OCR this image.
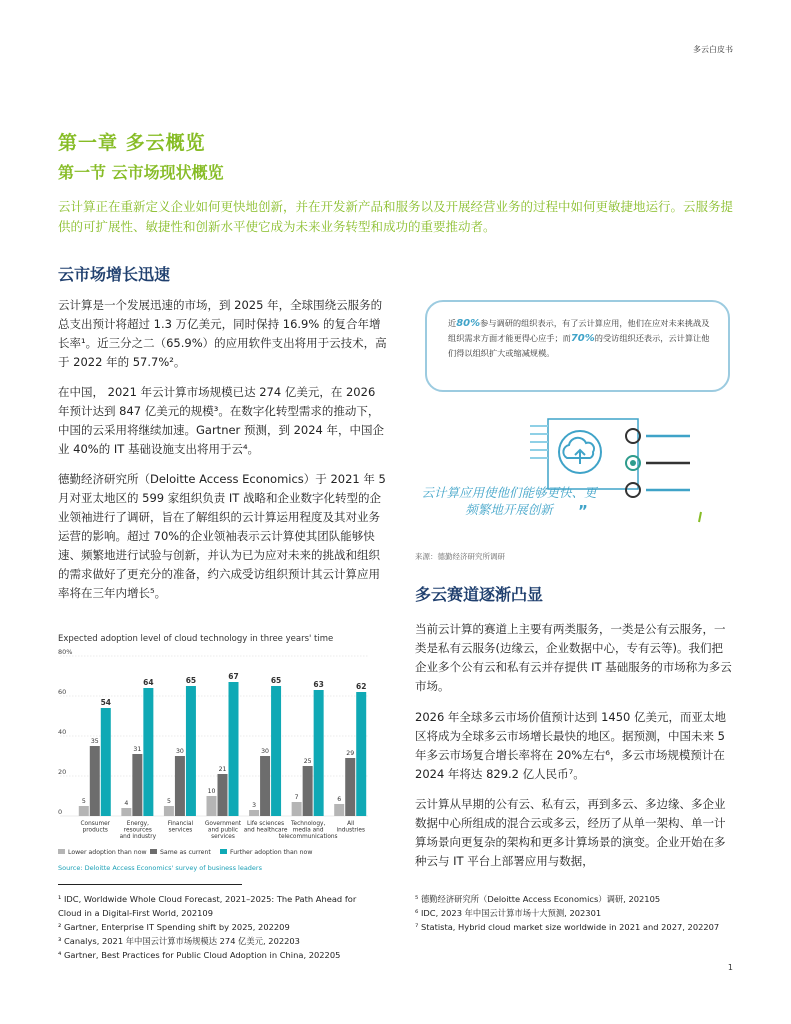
多云白皮书
第一章 多云概览
第一节 云市场现状概览
云计算正在重新定义企业如何更快地创新，并在开发新产品和服务以及开展经营业务的过程中如何更敏捷地运行。云服务提供的可扩展性、敏捷性和创新水平使它成为未来业务转型和成功的重要推动者。
云市场增长迅速
云计算是一个发展迅速的市场，到 2025 年，全球围绕云服务的总支出预计将超过 1.3 万亿美元，同时保持 16.9% 的复合年增长率¹。近三分之二（65.9%）的应用软件支出将用于云技术，高于 2022 年的 57.7%²。
在中国， 2021 年云计算市场规模已达 274 亿美元，在 2026 年预计达到 847 亿美元的规模³。在数字化转型需求的推动下，中国的云采用将继续加速。Gartner 预测，到 2024 年，中国企业 40%的 IT 基础设施支出将用于云⁴。
德勤经济研究所（Deloitte Access Economics）于 2021 年 5 月对亚太地区的 599 家组织负责 IT 战略和企业数字化转型的企业领袖进行了调研，旨在了解组织的云计算运用程度及其对业务运营的影响。超过 70%的企业领袖表示云计算使其团队能够快速、频繁地进行试验与创新，并认为已为应对未来的挑战和组织的需求做好了更充分的准备，约六成受访组织预计其云计算应用率将在三年内增长⁵。
Expected adoption level of cloud technology in three years' time
0
20
40
60
80%
5
35
54
4
31
64
5
30
65
10
21
67
3
30
65
7
25
63
6
29
62
Consumer
products
Energy,
resources
and industry
Financial
services
Government
and public
services
Life sciences
and healthcare
Technology,
media and
telecommunications
All
industries
Lower adoption than now Same as current	Further adoption than now
Source: Deloitte Access Economics' survey of business leaders
近80%参与调研的组织表示，有了云计算应用，他们在应对未来挑战及组织需求方面才能更得心应手；而70%的受访组织还表示，云计算让他们得以组织扩大或缩减规模。
云计算应用使他们能够更快、更频繁地开展创新	”
来源：德勤经济研究所调研
多云赛道逐渐凸显
当前云计算的赛道上主要有两类服务，一类是公有云服务，一类是私有云服务(边缘云，企业数据中心，专有云等)。我们把企业多个公有云和私有云并存提供 IT 基础服务的市场称为多云市场。
2026 年全球多云市场价值预计达到 1450 亿美元，而亚太地区将成为全球多云市场增长最快的地区。据预测，中国未来 5 年多云市场复合增长率将在 20%左右⁶，多云市场规模预计在 2024 年将达 829.2 亿人民币⁷。
云计算从早期的公有云、私有云，再到多云、多边缘、多企业数据中心所组成的混合云或多云，经历了从单一架构、单一计算场景向更复杂的架构和更多计算场景的演变。企业开始在多种云与 IT 平台上部署应用与数据，
¹ IDC, Worldwide Whole Cloud Forecast, 2021–2025: The Path Ahead for Cloud in a Digital-First World, 202109
² Gartner, Enterprise IT Spending shift by 2025, 202209
³ Canalys, 2021 年中国云计算市场规模达 274 亿美元, 202203
⁴ Gartner, Best Practices for Public Cloud Adoption in China, 202205
⁵ 德勤经济研究所（Deloitte Access Economics）调研, 202105
⁶ IDC, 2023 年中国云计算市场十大预测, 202301
⁷ Statista, Hybrid cloud market size worldwide in 2021 and 2027, 202207
1
